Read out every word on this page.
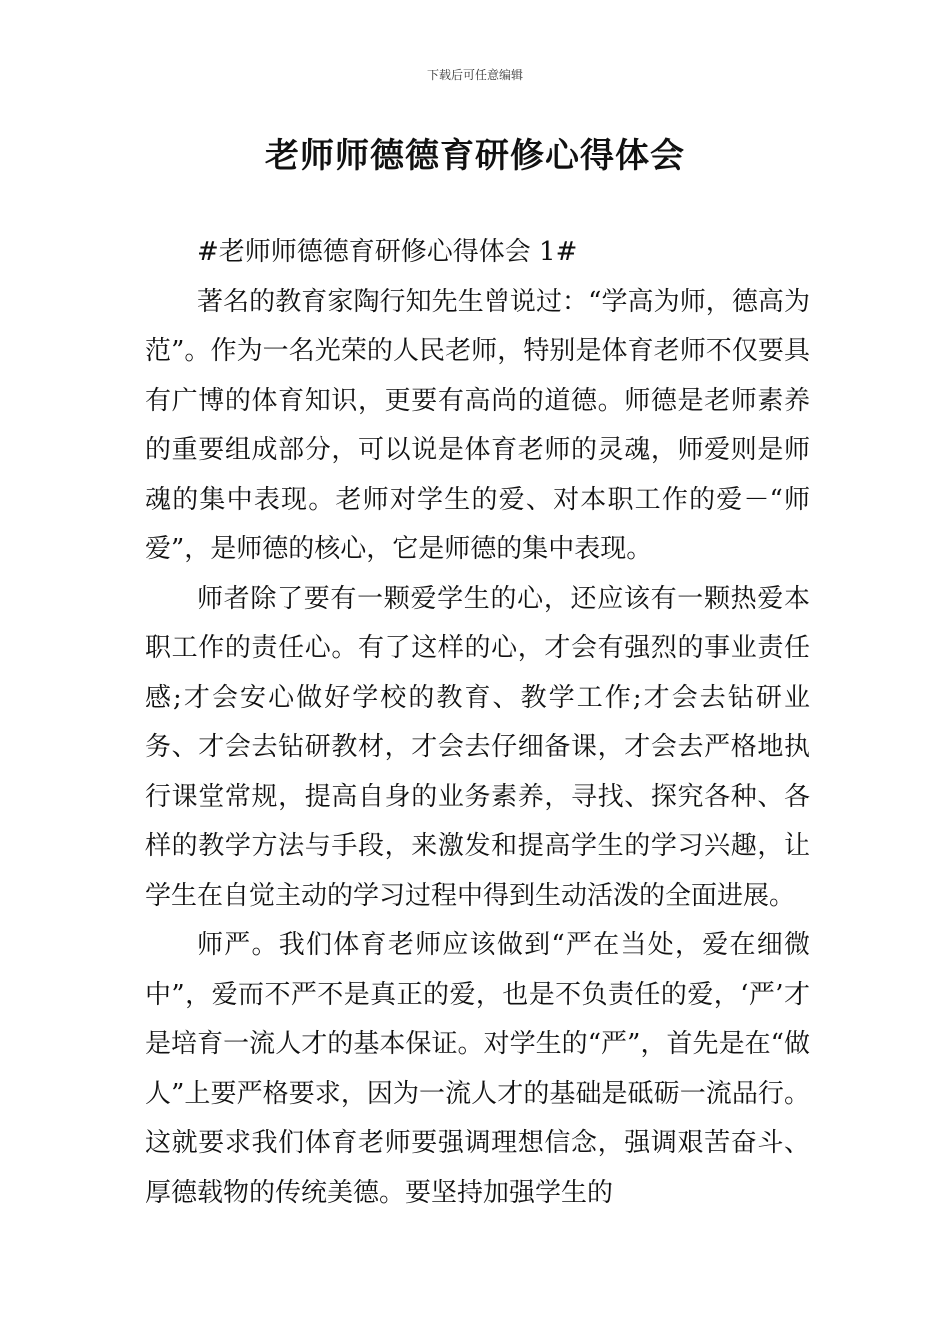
下载后可任意编辑
老师师德德育研修心得体会

#老师师德德育研修心得体会 1#

著名的教育家陶行知先生曾说过：“学高为师，德高为范”。作为一名光荣的人民老师，特别是体育老师不仅要具有广博的体育知识，更要有高尚的道德。师德是老师素养的重要组成部分，可以说是体育老师的灵魂，师爱则是师魂的集中表现。老师对学生的爱、对本职工作的爱－“师爱”，是师德的核心，它是师德的集中表现。

师者除了要有一颗爱学生的心，还应该有一颗热爱本职工作的责任心。有了这样的心，才会有强烈的事业责任感;才会安心做好学校的教育、教学工作;才会去钻研业务、才会去钻研教材，才会去仔细备课，才会去严格地执行课堂常规，提高自身的业务素养，寻找、探究各种、各样的教学方法与手段，来激发和提高学生的学习兴趣，让学生在自觉主动的学习过程中得到生动活泼的全面进展。

师严。我们体育老师应该做到“严在当处，爱在细微中”，爱而不严不是真正的爱，也是不负责任的爱，‘严’才是培育一流人才的基本保证。对学生的“严”，首先是在“做人”上要严格要求，因为一流人才的基础是砥砺一流品行。这就要求我们体育老师要强调理想信念，强调艰苦奋斗、厚德载物的传统美德。要坚持加强学生的
